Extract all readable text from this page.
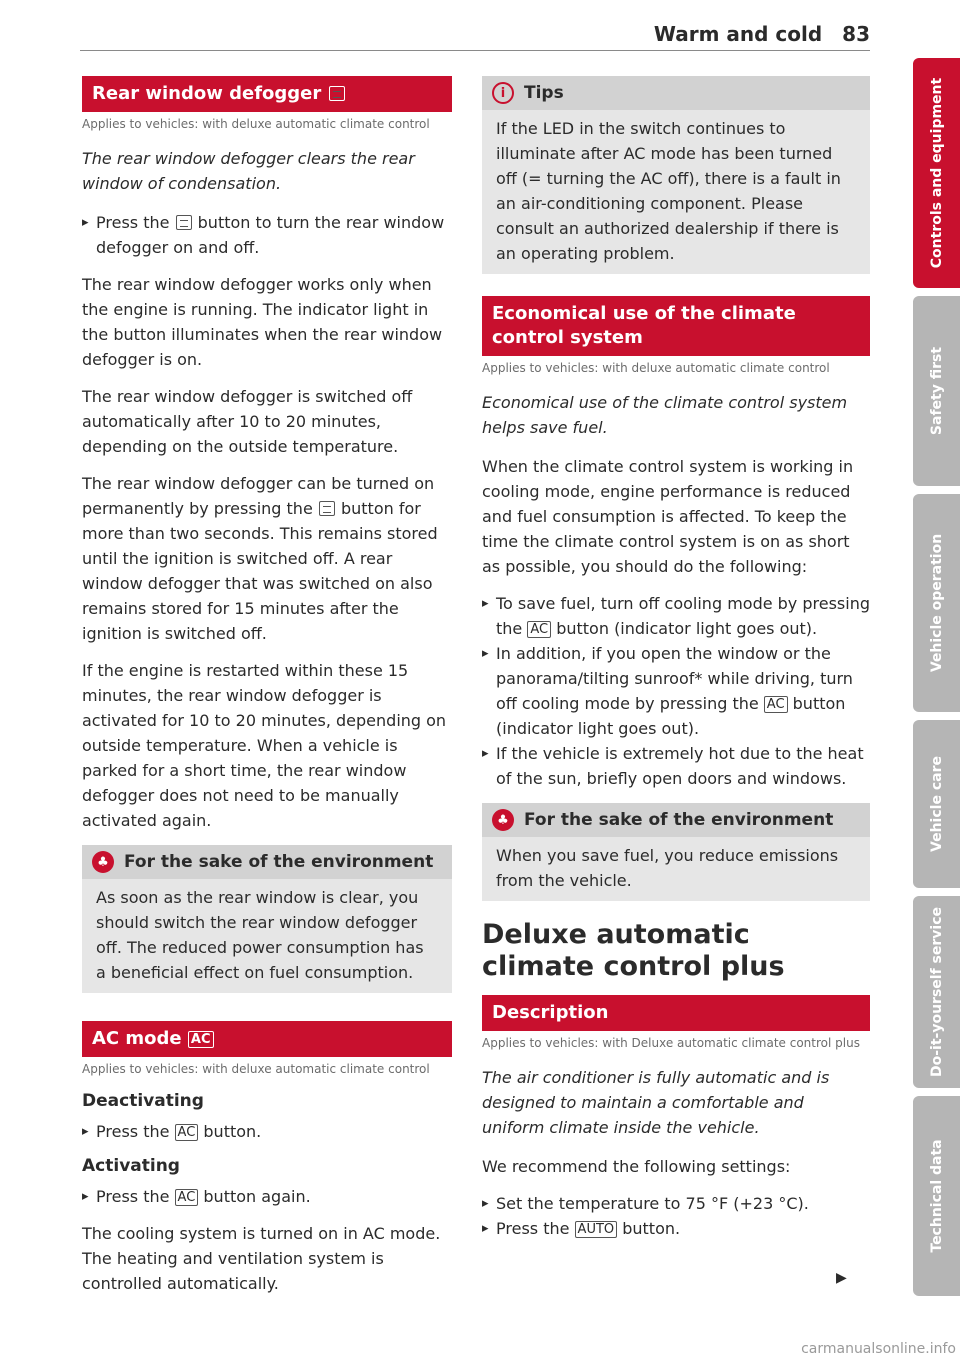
Warm and cold 83
Rear window defogger
Applies to vehicles: with deluxe automatic climate control
The rear window defogger clears the rear window of condensation.
▸ Press the button to turn the rear window defogger on and off.

The rear window defogger works only when the engine is running. The indicator light in the button illuminates when the rear window defogger is on.

The rear window defogger is switched off automatically after 10 to 20 minutes, depending on the outside temperature.

The rear window defogger can be turned on permanently by pressing the button for more than two seconds. This remains stored until the ignition is switched off. A rear window defogger that was switched on also remains stored for 15 minutes after the ignition is switched off.

If the engine is restarted within these 15 minutes, the rear window defogger is activated for 10 to 20 minutes, depending on outside temperature. When a vehicle is parked for a short time, the rear window defogger does not need to be manually activated again.

♣ For the sake of the environment
As soon as the rear window is clear, you should switch the rear window defogger off. The reduced power consumption has a beneficial effect on fuel consumption.
AC mode AC
Applies to vehicles: with deluxe automatic climate control
Deactivating
▸ Press the AC button.
Activating
▸ Press the AC button again.

The cooling system is turned on in AC mode. The heating and ventilation system is controlled automatically.

i	Tips
If the LED in the switch continues to illuminate after AC mode has been turned off (= turning the AC off), there is a fault in an air-conditioning component. Please consult an authorized dealership if there is an operating problem.
Economical use of the climate control system
Applies to vehicles: with deluxe automatic climate control
Economical use of the climate control system helps save fuel.

When the climate control system is working in cooling mode, engine performance is reduced and fuel consumption is affected. To keep the time the climate control system is on as short as possible, you should do the following:

▸ To save fuel, turn off cooling mode by pressing the AC button (indicator light goes out).
▸ In addition, if you open the window or the panorama/tilting sunroof* while driving, turn off cooling mode by pressing the AC button (indicator light goes out).
▸ If the vehicle is extremely hot due to the heat of the sun, briefly open doors and windows.
♣ For the sake of the environment
When you save fuel, you reduce emissions from the vehicle.
Deluxe automatic climate control plus
Description
Applies to vehicles: with Deluxe automatic climate control plus
The air conditioner is fully automatic and is designed to maintain a comfortable and uniform climate inside the vehicle.

We recommend the following settings:

▸ Set the temperature to 75 °F (+23 °C).
▸ Press the AUTO button.
▶
Controls and equipment
Safety first
Vehicle operation
Vehicle care
Do-it-yourself service
Technical data
carmanualsonline.info
